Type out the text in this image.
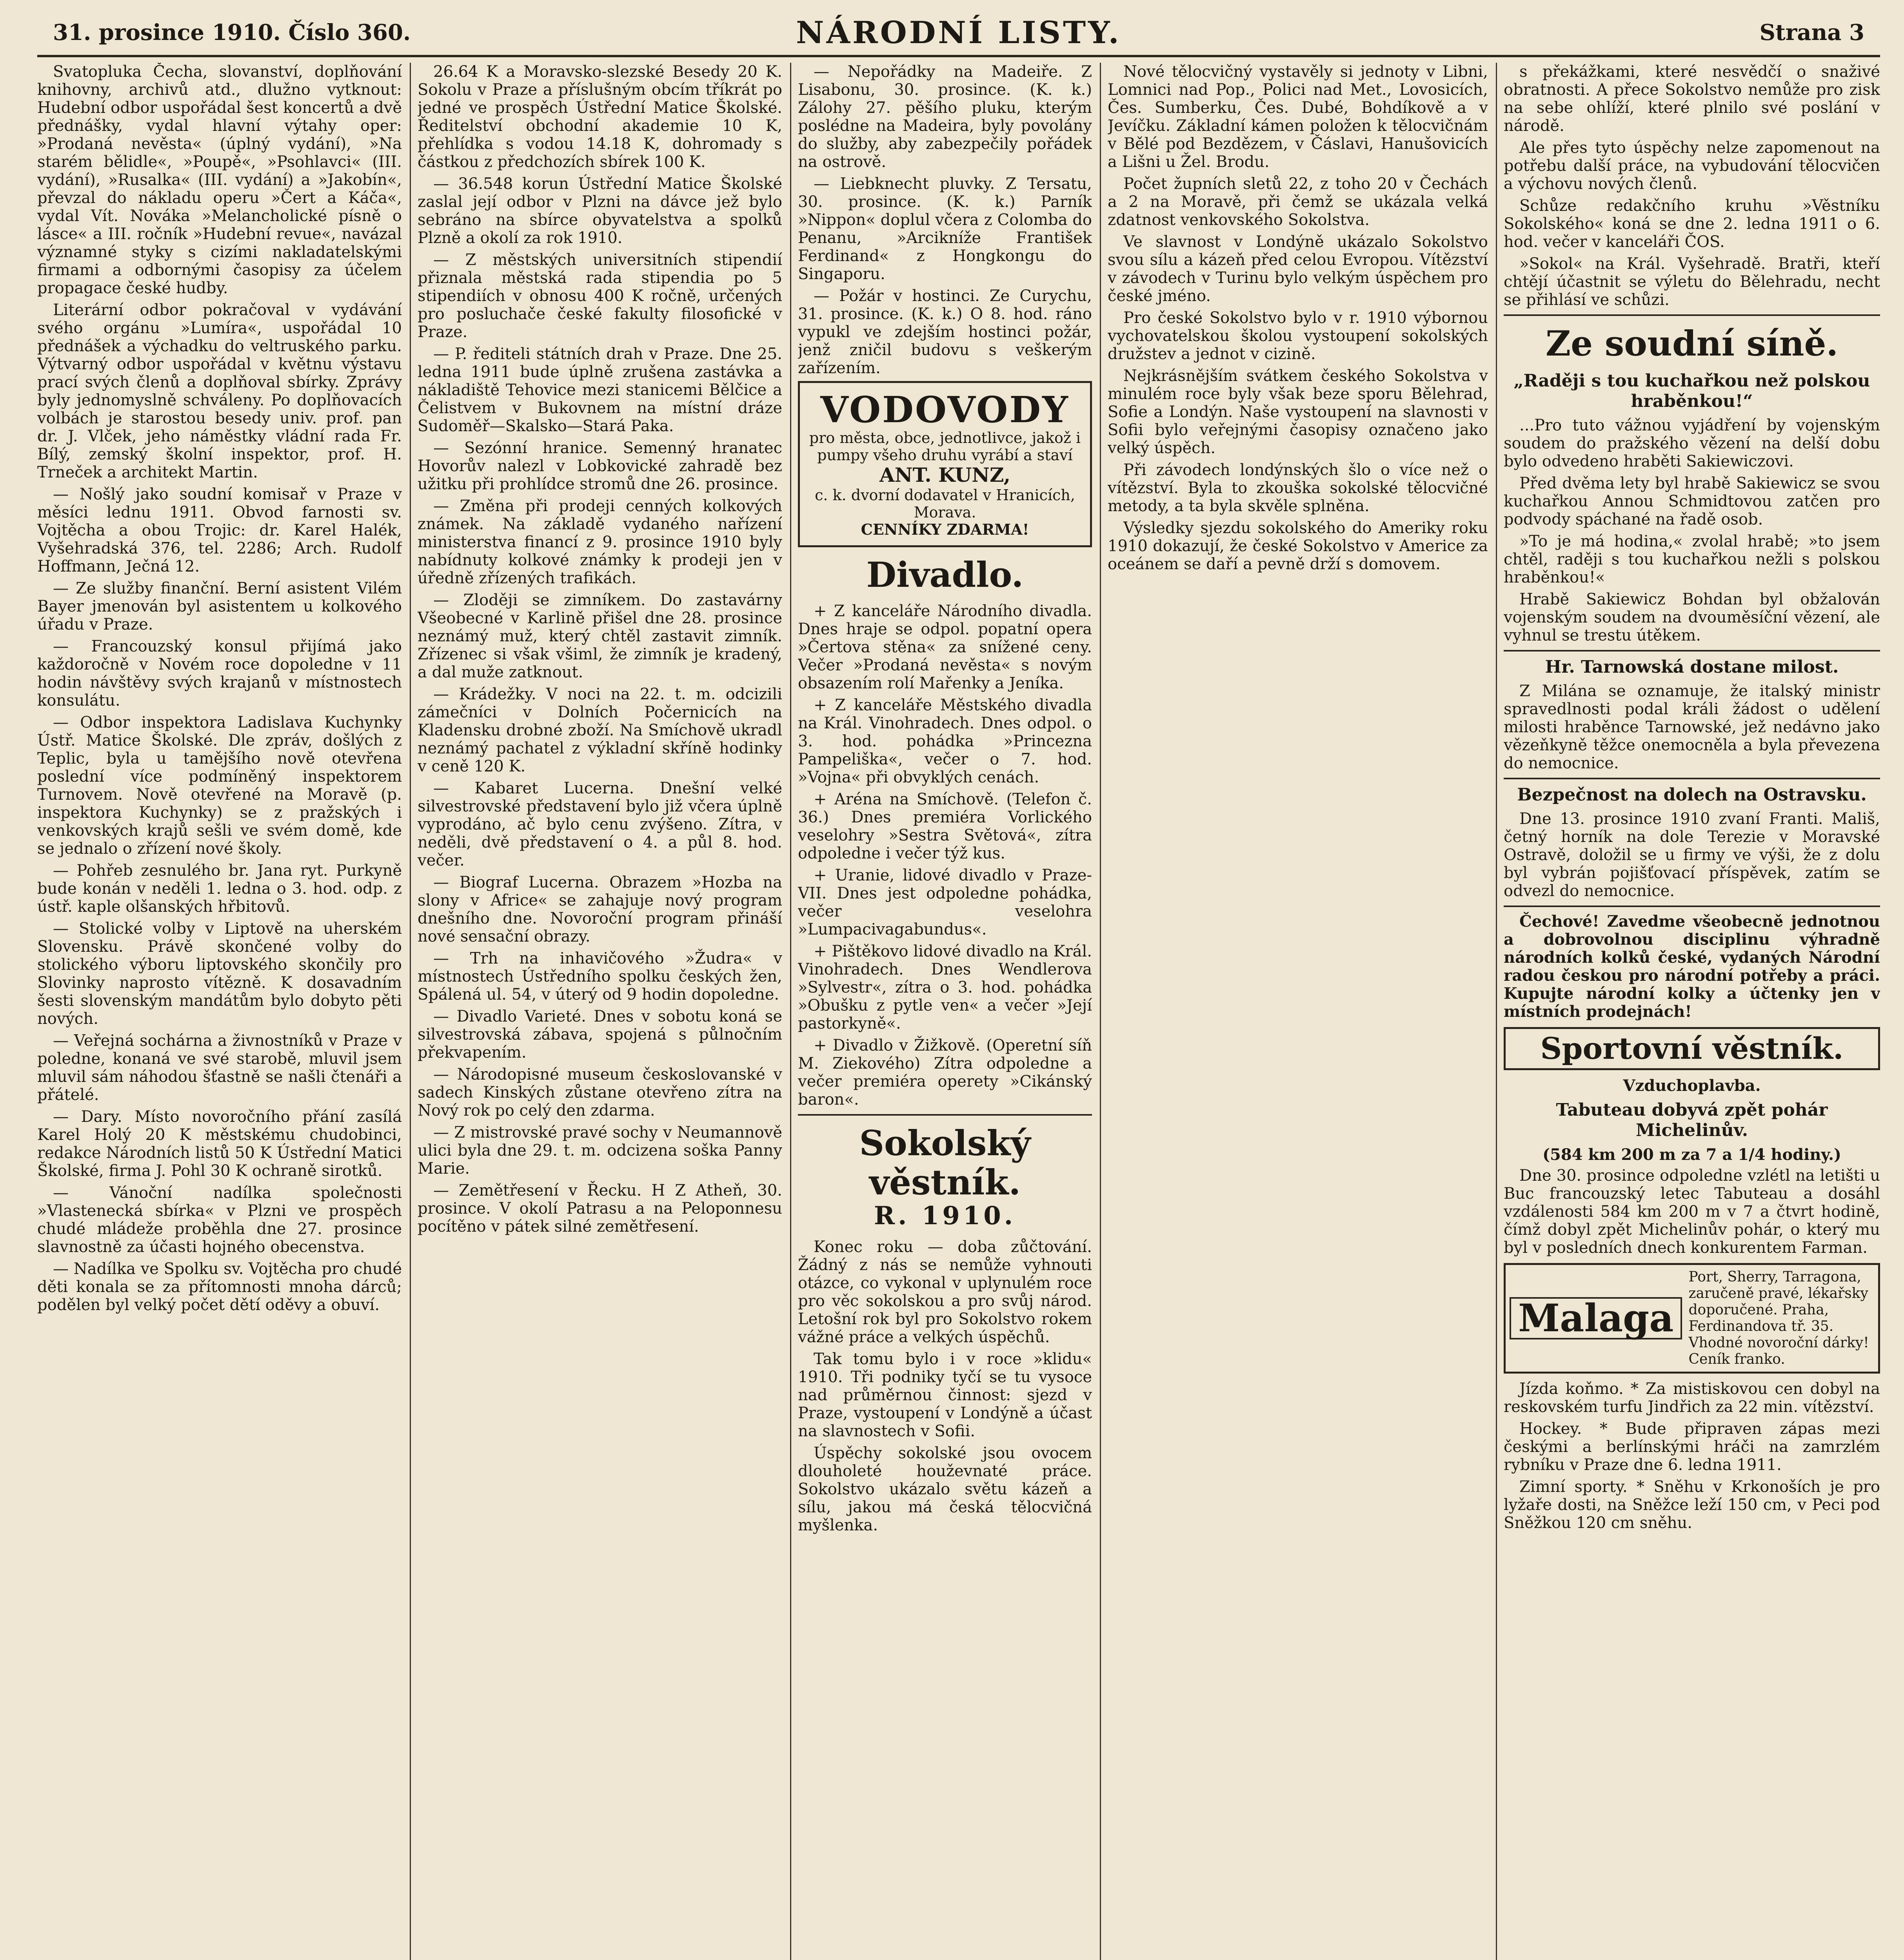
31. prosince 1910. Číslo 360.	NÁRODNÍ LISTY.	Strana 3

Svatopluka Čecha, slovanství, doplňování knihovny, archivů atd., dlužno vytknout: Hudební odbor uspořádal šest koncertů a dvě přednášky, vydal hlavní výtahy oper: »Prodaná nevěsta« (úplný vydání), »Na starém bělidle«, »Poupě«, »Psohlavci« (III. vydání), »Rusalka« (III. vydání) a »Jakobín«, převzal do nákladu operu »Čert a Káča«, vydal Vít. Nováka »Melancholické písně o lásce« a III. ročník »Hudební revue«, navázal významné styky s cizími nakladatelskými firmami a odbornými časopisy za účelem propagace české hudby.

Literární odbor pokračoval v vydávání svého orgánu »Lumíra«, uspořádal 10 přednášek a výchadku do veltruského parku. Výtvarný odbor uspořádal v květnu výstavu prací svých členů a doplňoval sbírky. Zprávy byly jednomyslně schváleny. Po doplňovacích volbách je starostou besedy univ. prof. pan dr. J. Vlček, jeho náměstky vládní rada Fr. Bílý, zemský školní inspektor, prof. H. Trneček a architekt Martin.

— Nošlý jako soudní komisař v Praze v měsíci lednu 1911. Obvod farnosti sv. Vojtěcha a obou Trojic: dr. Karel Halék, Vyšehradská 376, tel. 2286; Arch. Rudolf Hoffmann, Ječná 12.

— Ze služby finanční. Berní asistent Vilém Bayer jmenován byl asistentem u kolkového úřadu v Praze.

— Francouzský konsul přijímá jako každoročně v Novém roce dopoledne v 11 hodin návštěvy svých krajanů v místnostech konsulátu.

— Odbor inspektora Ladislava Kuchynky Ústř. Matice Školské. Dle zpráv, došlých z Teplic, byla u tamějšího nově otevřena poslední více podmíněný inspektorem Turnovem. Nově otevřené na Moravě (p. inspektora Kuchynky) se z pražských i venkovských krajů sešli ve svém domě, kde se jednalo o zřízení nové školy.

— Pohřeb zesnulého br. Jana ryt. Purkyně bude konán v neděli 1. ledna o 3. hod. odp. z ústř. kaple olšanských hřbitovů.

— Stolické volby v Liptově na uherském Slovensku. Právě skončené volby do stolického výboru liptovského skončily pro Slovinky naprosto vítězně. K dosavadním šesti slovenským mandátům bylo dobyto pěti nových.

— Veřejná sochárna a živnostníků v Praze v poledne, konaná ve své starobě, mluvil jsem mluvil sám náhodou šťastně se našli čtenáři a přátelé.

— Dary. Místo novoročního přání zasílá Karel Holý 20 K městskému chudobinci, redakce Národních listů 50 K Ústřední Matici Školské, firma J. Pohl 30 K ochraně sirotků.

— Vánoční nadílka společnosti »Vlastenecká sbírka« v Plzni ve prospěch chudé mládeže proběhla dne 27. prosince slavnostně za účasti hojného obecenstva.

— Nadílka ve Spolku sv. Vojtěcha pro chudé děti konala se za přítomnosti mnoha dárců; podělen byl velký počet dětí oděvy a obuví.

26.64 K a Moravsko-slezské Besedy 20 K. Sokolu v Praze a příslušným obcím tříkrát po jedné ve prospěch Ústřední Matice Školské. Ředitelství obchodní akademie 10 K, přehlídka s vodou 14.18 K, dohromady s částkou z předchozích sbírek 100 K.

— 36.548 korun Ústřední Matice Školské zaslal její odbor v Plzni na dávce jež bylo sebráno na sbírce obyvatelstva a spolků Plzně a okolí za rok 1910.

— Z městských universitních stipendií přiznala městská rada stipendia po 5 stipendiích v obnosu 400 K ročně, určených pro posluchače české fakulty filosofické v Praze.

— P. řediteli státních drah v Praze. Dne 25. ledna 1911 bude úplně zrušena zastávka a nákladiště Tehovice mezi stanicemi Bělčice a Čelistvem v Bukovnem na místní dráze Sudoměř—Skalsko—Stará Paka.

— Sezónní hranice. Semenný hranatec Hovorův nalezl v Lobkovické zahradě bez užitku při prohlídce stromů dne 26. prosince.

— Změna při prodeji cenných kolkových známek. Na základě vydaného nařízení ministerstva financí z 9. prosince 1910 byly nabídnuty kolkové známky k prodeji jen v úředně zřízených trafikách.

— Zloději se zimníkem. Do zastavárny Všeobecné v Karlině přišel dne 28. prosince neznámý muž, který chtěl zastavit zimník. Zřízenec si však všiml, že zimník je kradený, a dal muže zatknout.

— Krádežky. V noci na 22. t. m. odcizili zámečníci v Dolních Počernicích na Kladensku drobné zboží. Na Smíchově ukradl neznámý pachatel z výkladní skříně hodinky v ceně 120 K.

— Kabaret Lucerna. Dnešní velké silvestrovské představení bylo již včera úplně vyprodáno, ač bylo cenu zvýšeno. Zítra, v neděli, dvě představení o 4. a půl 8. hod. večer.

— Biograf Lucerna. Obrazem »Hozba na slony v Africe« se zahajuje nový program dnešního dne. Novoroční program přináší nové sensační obrazy.

— Trh na inhavičového »Žudra« v místnostech Ústředního spolku českých žen, Spálená ul. 54, v úterý od 9 hodin dopoledne.

— Divadlo Varieté. Dnes v sobotu koná se silvestrovská zábava, spojená s půlnočním překvapením.

— Národopisné museum českoslovanské v sadech Kinských zůstane otevřeno zítra na Nový rok po celý den zdarma.

— Z mistrovské pravé sochy v Neumannově ulici byla dne 29. t. m. odcizena soška Panny Marie.

— Zemětřesení v Řecku. H Z Atheň, 30. prosince. V okolí Patrasu a na Peloponnesu pocítěno v pátek silné zemětřesení.

— Nepořádky na Madeiře. Z Lisabonu, 30. prosince. (K. k.) Zálohy 27. pěšího pluku, kterým poslédne na Madeira, byly povolány do služby, aby zabezpečily pořádek na ostrově.

— Liebknecht pluvky. Z Tersatu, 30. prosince. (K. k.) Parník »Nippon« doplul včera z Colomba do Penanu, »Arcikníže František Ferdinand« z Hongkongu do Singaporu.

— Požár v hostinci. Ze Curychu, 31. prosince. (K. k.) O 8. hod. ráno vypukl ve zdejším hostinci požár, jenž zničil budovu s veškerým zařízením.

VODOVODY
pro města, obce, jednotlivce, jakož i
pumpy všeho druhu vyrábí a staví
ANT. KUNZ,
c. k. dvorní dodavatel v Hranicích, Morava.
CENNÍKY ZDARMA!
Divadlo.

+ Z kanceláře Národního divadla. Dnes hraje se odpol. popatní opera »Čertova stěna« za snížené ceny. Večer »Prodaná nevěsta« s novým obsazením rolí Mařenky a Jeníka.

+ Z kanceláře Městského divadla na Král. Vinohradech. Dnes odpol. o 3. hod. pohádka »Princezna Pampeliška«, večer o 7. hod. »Vojna« při obvyklých cenách.

+ Aréna na Smíchově. (Telefon č. 36.) Dnes premiéra Vorlického veselohry »Sestra Světová«, zítra odpoledne i večer týž kus.

+ Uranie, lidové divadlo v Praze-VII. Dnes jest odpoledne pohádka, večer veselohra »Lumpacivagabundus«.

+ Pištěkovo lidové divadlo na Král. Vinohradech. Dnes Wendlerova »Sylvestr«, zítra o 3. hod. pohádka »Obušku z pytle ven« a večer »Její pastorkyně«.

+ Divadlo v Žižkově. (Operetní síň M. Ziekového) Zítra odpoledne a večer premiéra operety »Cikánský baron«.

Sokolský věstník.
R. 1910.

Konec roku — doba zůčtování. Žádný z nás se nemůže vyhnouti otázce, co vykonal v uplynulém roce pro věc sokolskou a pro svůj národ. Letošní rok byl pro Sokolstvo rokem vážné práce a velkých úspěchů.

Tak tomu bylo i v roce »klidu« 1910. Tři podniky tyčí se tu vysoce nad průměrnou činnost: sjezd v Praze, vystoupení v Londýně a účast na slavnostech v Sofii.

Úspěchy sokolské jsou ovocem dlouholeté houževnaté práce. Sokolstvo ukázalo světu kázeň a sílu, jakou má česká tělocvičná myšlenka.

Nové tělocvičný vystavěly si jednoty v Libni, Lomnici nad Pop., Polici nad Met., Lovosicích, Čes. Sumberku, Čes. Dubé, Bohdíkově a v Jevíčku. Základní kámen položen k tělocvičnám v Bělé pod Bezdězem, v Čáslavi, Hanušovicích a Lišni u Žel. Brodu.

Počet župních sletů 22, z toho 20 v Čechách a 2 na Moravě, při čemž se ukázala velká zdatnost venkovského Sokolstva.

Ve slavnost v Londýně ukázalo Sokolstvo svou sílu a kázeň před celou Evropou. Vítězství v závodech v Turinu bylo velkým úspěchem pro české jméno.

Pro české Sokolstvo bylo v r. 1910 výbornou vychovatelskou školou vystoupení sokolských družstev a jednot v cizině.

Nejkrásnějším svátkem českého Sokolstva v minulém roce byly však beze sporu Bělehrad, Sofie a Londýn. Naše vystoupení na slavnosti v Sofii bylo veřejnými časopisy označeno jako velký úspěch.

Při závodech londýnských šlo o více než o vítězství. Byla to zkouška sokolské tělocvičné metody, a ta byla skvěle splněna.

Výsledky sjezdu sokolského do Ameriky roku 1910 dokazují, že české Sokolstvo v Americe za oceánem se daří a pevně drží s domovem.

s překážkami, které nesvědčí o snaživé obratnosti. A přece Sokolstvo nemůže pro zisk na sebe ohlíží, které plnilo své poslání v národě.

Ale přes tyto úspěchy nelze zapomenout na potřebu další práce, na vybudování tělocvičen a výchovu nových členů.

Schůze redakčního kruhu »Věstníku Sokolského« koná se dne 2. ledna 1911 o 6. hod. večer v kanceláři ČOS.

»Sokol« na Král. Vyšehradě. Bratři, kteří chtějí účastnit se výletu do Bělehradu, necht se přihlásí ve schůzi.

Ze soudní síně.
„Raději s tou kuchařkou než polskou hraběnkou!“

...Pro tuto vážnou vyjádření by vojenským soudem do pražského vězení na delší dobu bylo odvedeno hraběti Sakiewiczovi.

Před dvěma lety byl hrabě Sakiewicz se svou kuchařkou Annou Schmidtovou zatčen pro podvody spáchané na řadě osob.

»To je má hodina,« zvolal hrabě; »to jsem chtěl, raději s tou kuchařkou nežli s polskou hraběnkou!«

Hrabě Sakiewicz Bohdan byl obžalován vojenským soudem na dvouměsíční vězení, ale vyhnul se trestu útěkem.

Hr. Tarnowská dostane milost.

Z Milána se oznamuje, že italský ministr spravedlnosti podal králi žádost o udělení milosti hraběnce Tarnowské, jež nedávno jako vězeňkyně těžce onemocněla a byla převezena do nemocnice.

Bezpečnost na dolech na Ostravsku.

Dne 13. prosince 1910 zvaní Franti. Mališ, četný horník na dole Terezie v Moravské Ostravě, doložil se u firmy ve výši, že z dolu byl vybrán pojišťovací příspěvek, zatím se odvezl do nemocnice.

Čechové! Zavedme všeobecně jednotnou a dobrovolnou disciplinu výhradně národních kolků české, vydaných Národní radou českou pro národní potřeby a práci. Kupujte národní kolky a účtenky jen v místních prodejnách!

Sportovní věstník.
Vzduchoplavba.
Tabuteau dobyvá zpět pohár Michelinův.
(584 km 200 m za 7 a 1/4 hodiny.)

Dne 30. prosince odpoledne vzlétl na letišti u Buc francouzský letec Tabuteau a dosáhl vzdálenosti 584 km 200 m v 7 a čtvrt hodině, čímž dobyl zpět Michelinův pohár, o který mu byl v posledních dnech konkurentem Farman.

Malaga
Port, Sherry, Tarragona, zaručeně pravé, lékařsky doporučené. Praha, Ferdinandova tř. 35. Vhodné novoroční dárky! Ceník franko.

Jízda koňmo. * Za mistiskovou cen dobyl na reskovském turfu Jindřich za 22 min. vítězství.

Hockey. * Bude připraven zápas mezi českými a berlínskými hráči na zamrzlém rybníku v Praze dne 6. ledna 1911.

Zimní sporty. * Sněhu v Krkonoších je pro lyžaře dosti, na Sněžce leží 150 cm, v Peci pod Sněžkou 120 cm sněhu.
